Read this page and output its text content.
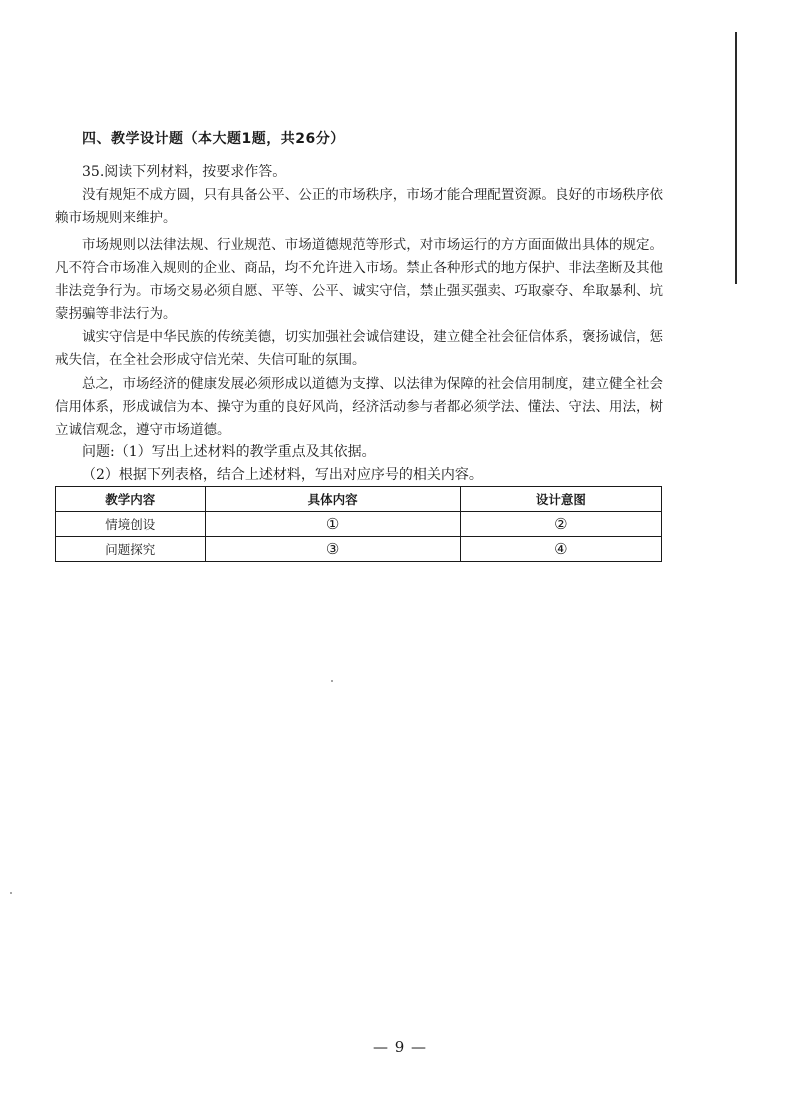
四、教学设计题（本大题1题，共26分）
35.阅读下列材料，按要求作答。

没有规矩不成方圆，只有具备公平、公正的市场秩序，市场才能合理配置资源。良好的市场秩序依赖市场规则来维护。

市场规则以法律法规、行业规范、市场道德规范等形式，对市场运行的方方面面做出具体的规定。凡不符合市场准入规则的企业、商品，均不允许进入市场。禁止各种形式的地方保护、非法垄断及其他非法竞争行为。市场交易必须自愿、平等、公平、诚实守信，禁止强买强卖、巧取豪夺、牟取暴利、坑蒙拐骗等非法行为。

诚实守信是中华民族的传统美德，切实加强社会诚信建设，建立健全社会征信体系，褒扬诚信，惩戒失信，在全社会形成守信光荣、失信可耻的氛围。

总之，市场经济的健康发展必须形成以道德为支撑、以法律为保障的社会信用制度，建立健全社会信用体系，形成诚信为本、操守为重的良好风尚，经济活动参与者都必须学法、懂法、守法、用法，树立诚信观念，遵守市场道德。

问题:（1）写出上述材料的教学重点及其依据。
（2）根据下列表格，结合上述材料，写出对应序号的相关内容。
教学内容	具体内容	设计意图
情境创设	①	②
问题探究	③	④
— 9 —
